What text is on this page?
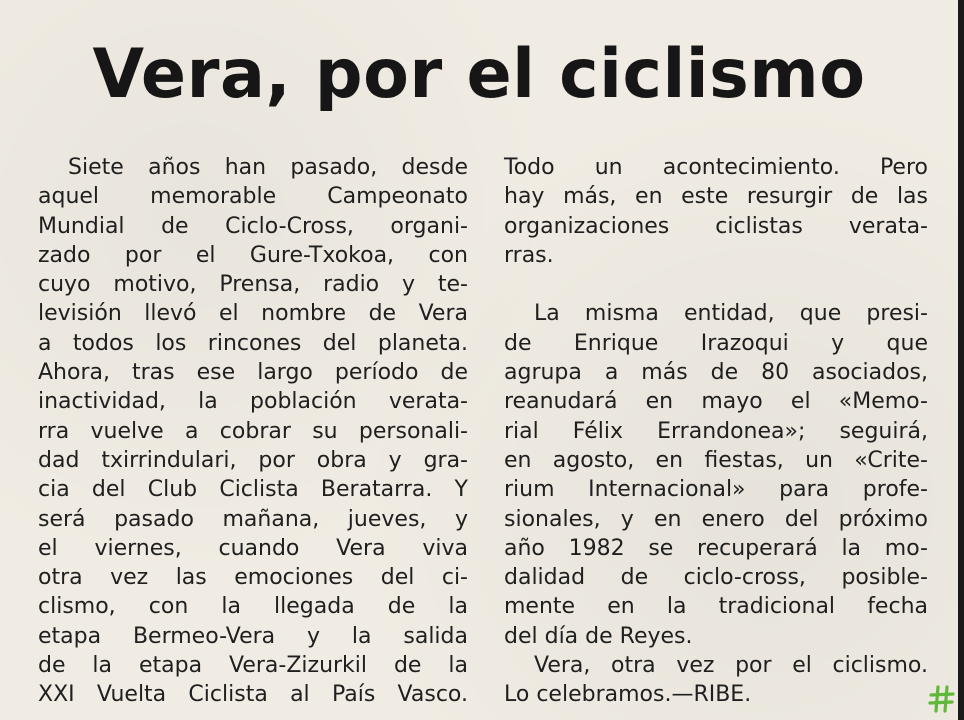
Vera, por el ciclismo
Siete años han pasado, desde
aquel memorable Campeonato
Mundial de Ciclo-Cross, organi-
zado por el Gure-Txokoa, con
cuyo motivo, Prensa, radio y te-
levisión llevó el nombre de Vera
a todos los rincones del planeta.
Ahora, tras ese largo período de
inactividad, la población verata-
rra vuelve a cobrar su personali-
dad txirrindulari, por obra y gra-
cia del Club Ciclista Beratarra. Y
será pasado mañana, jueves, y
el viernes, cuando Vera viva
otra vez las emociones del ci-
clismo, con la llegada de la
etapa Bermeo-Vera y la salida
de la etapa Vera-Zizurkil de la
XXI Vuelta Ciclista al País Vasco.
Todo un acontecimiento. Pero
hay más, en este resurgir de las
organizaciones ciclistas verata-
rras.
La misma entidad, que presi-
de Enrique Irazoqui y que
agrupa a más de 80 asociados,
reanudará en mayo el «Memo-
rial Félix Errandonea»; seguirá,
en agosto, en fiestas, un «Crite-
rium Internacional» para profe-
sionales, y en enero del próximo
año 1982 se recuperará la mo-
dalidad de ciclo-cross, posible-
mente en la tradicional fecha
del día de Reyes.
Vera, otra vez por el ciclismo.
Lo celebramos.—RIBE.
